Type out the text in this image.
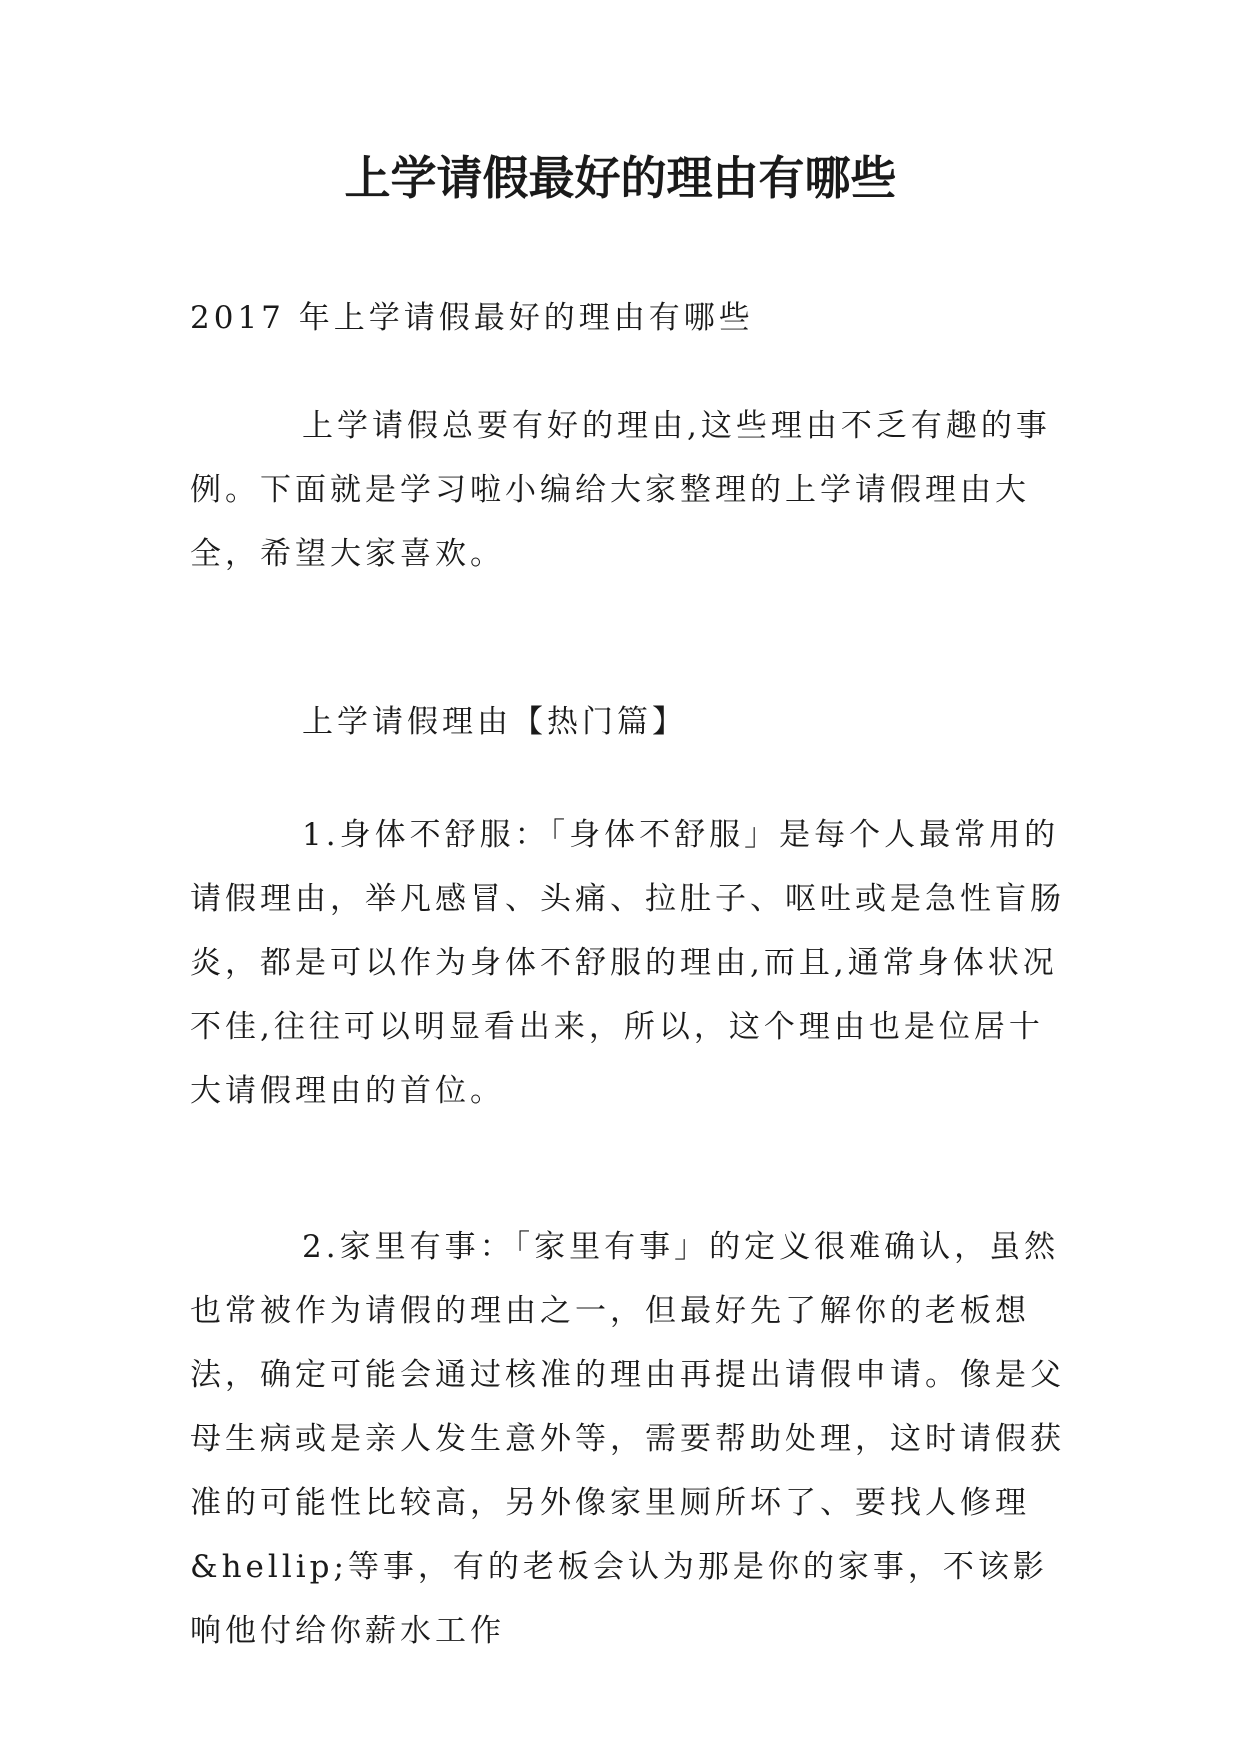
上学请假最好的理由有哪些

2017 年上学请假最好的理由有哪些

上学请假总要有好的理由,这些理由不乏有趣的事例。下面就是学习啦小编给大家整理的上学请假理由大全，希望大家喜欢。

上学请假理由【热门篇】

1.身体不舒服：「身体不舒服」是每个人最常用的请假理由，举凡感冒、头痛、拉肚子、呕吐或是急性盲肠炎，都是可以作为身体不舒服的理由,而且,通常身体状况不佳,往往可以明显看出来，所以，这个理由也是位居十大请假理由的首位。

2.家里有事：「家里有事」的定义很难确认，虽然也常被作为请假的理由之一，但最好先了解你的老板想法，确定可能会通过核准的理由再提出请假申请。像是父母生病或是亲人发生意外等，需要帮助处理，这时请假获准的可能性比较高，另外像家里厕所坏了、要找人修理&hellip;等事，有的老板会认为那是你的家事，不该影响他付给你薪水工作
